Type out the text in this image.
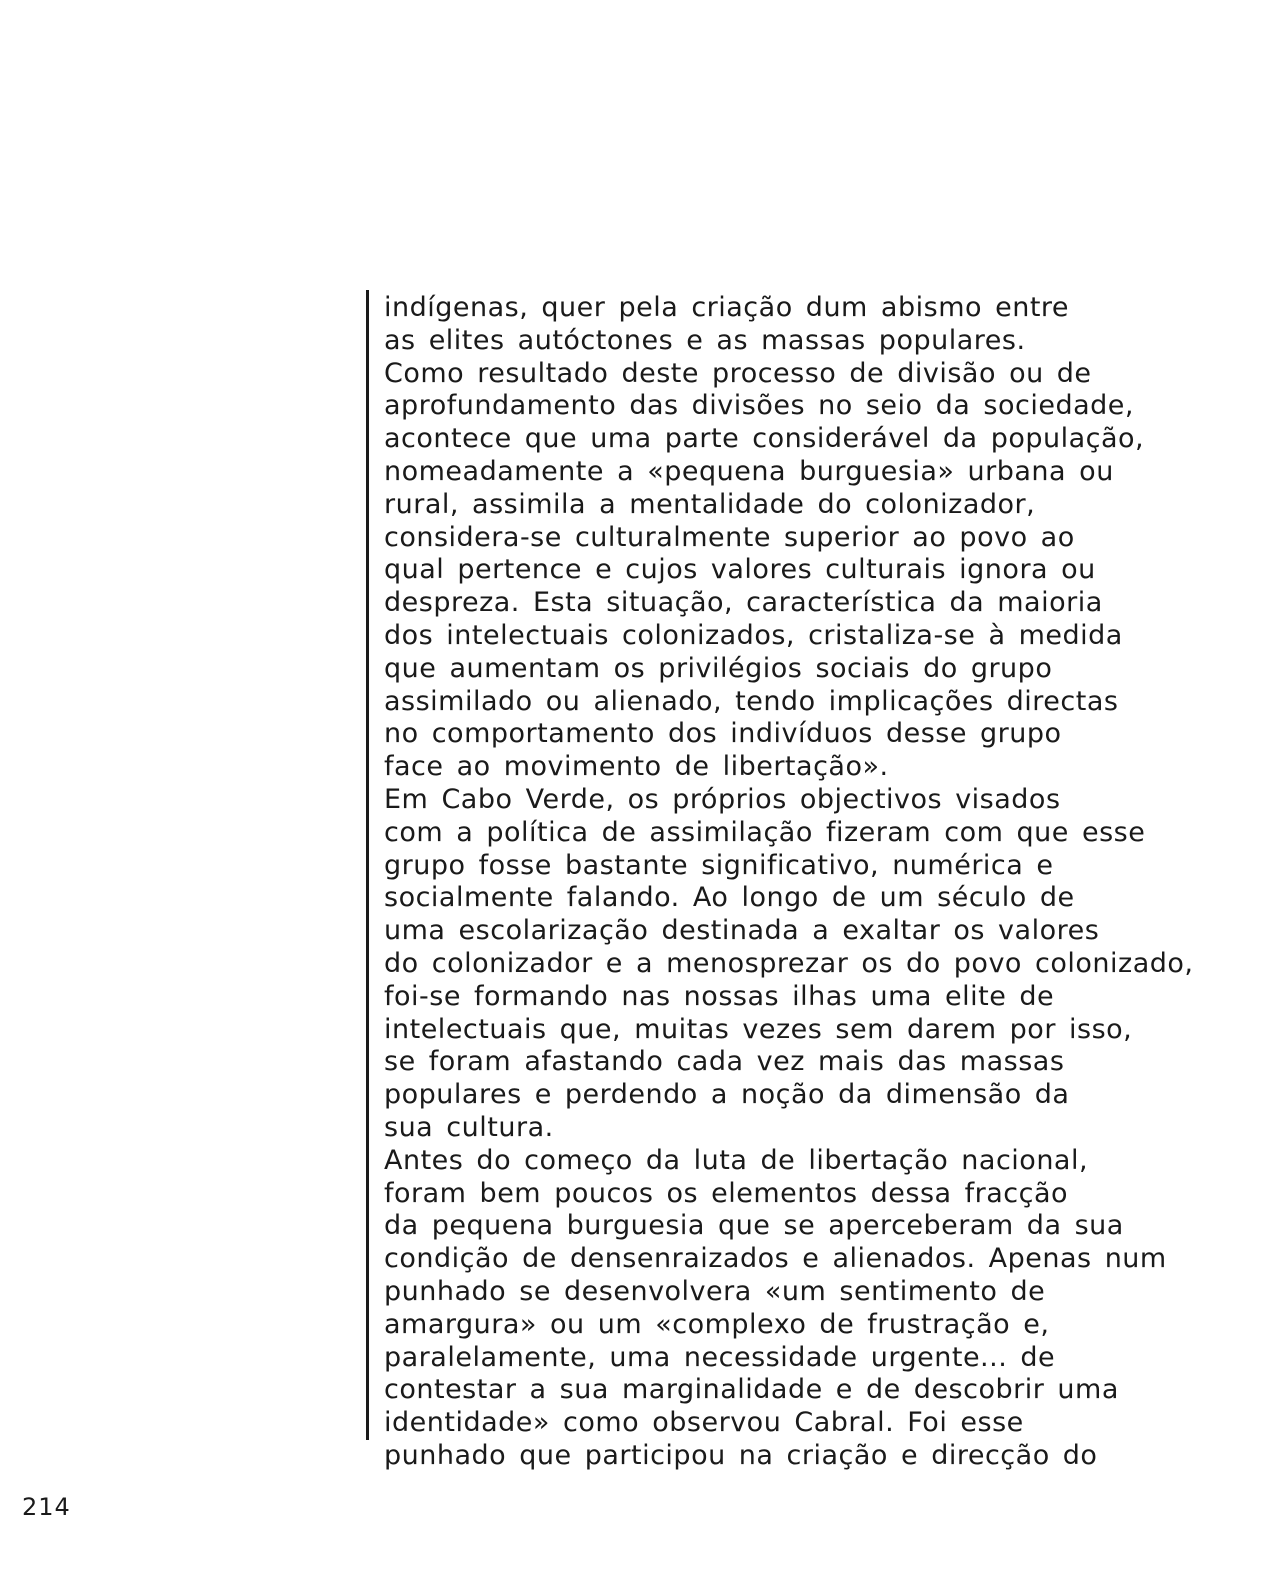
indígenas, quer pela criação dum abismo entre
as elites autóctones e as massas populares.
Como resultado deste processo de divisão ou de
aprofundamento das divisões no seio da sociedade,
acontece que uma parte considerável da população,
nomeadamente a «pequena burguesia» urbana ou
rural, assimila a mentalidade do colonizador,
considera-se culturalmente superior ao povo ao
qual pertence e cujos valores culturais ignora ou
despreza. Esta situação, característica da maioria
dos intelectuais colonizados, cristaliza-se à medida
que aumentam os privilégios sociais do grupo
assimilado ou alienado, tendo implicações directas
no comportamento dos indivíduos desse grupo
face ao movimento de libertação».
Em Cabo Verde, os próprios objectivos visados
com a política de assimilação fizeram com que esse
grupo fosse bastante significativo, numérica e
socialmente falando. Ao longo de um século de
uma escolarização destinada a exaltar os valores
do colonizador e a menosprezar os do povo colonizado,
foi-se formando nas nossas ilhas uma elite de
intelectuais que, muitas vezes sem darem por isso,
se foram afastando cada vez mais das massas
populares e perdendo a noção da dimensão da
sua cultura.
Antes do começo da luta de libertação nacional,
foram bem poucos os elementos dessa fracção
da pequena burguesia que se aperceberam da sua
condição de densenraizados e alienados. Apenas num
punhado se desenvolvera «um sentimento de
amargura» ou um «complexo de frustração e,
paralelamente, uma necessidade urgente... de
contestar a sua marginalidade e de descobrir uma
identidade» como observou Cabral. Foi esse
punhado que participou na criação e direcção do
214
